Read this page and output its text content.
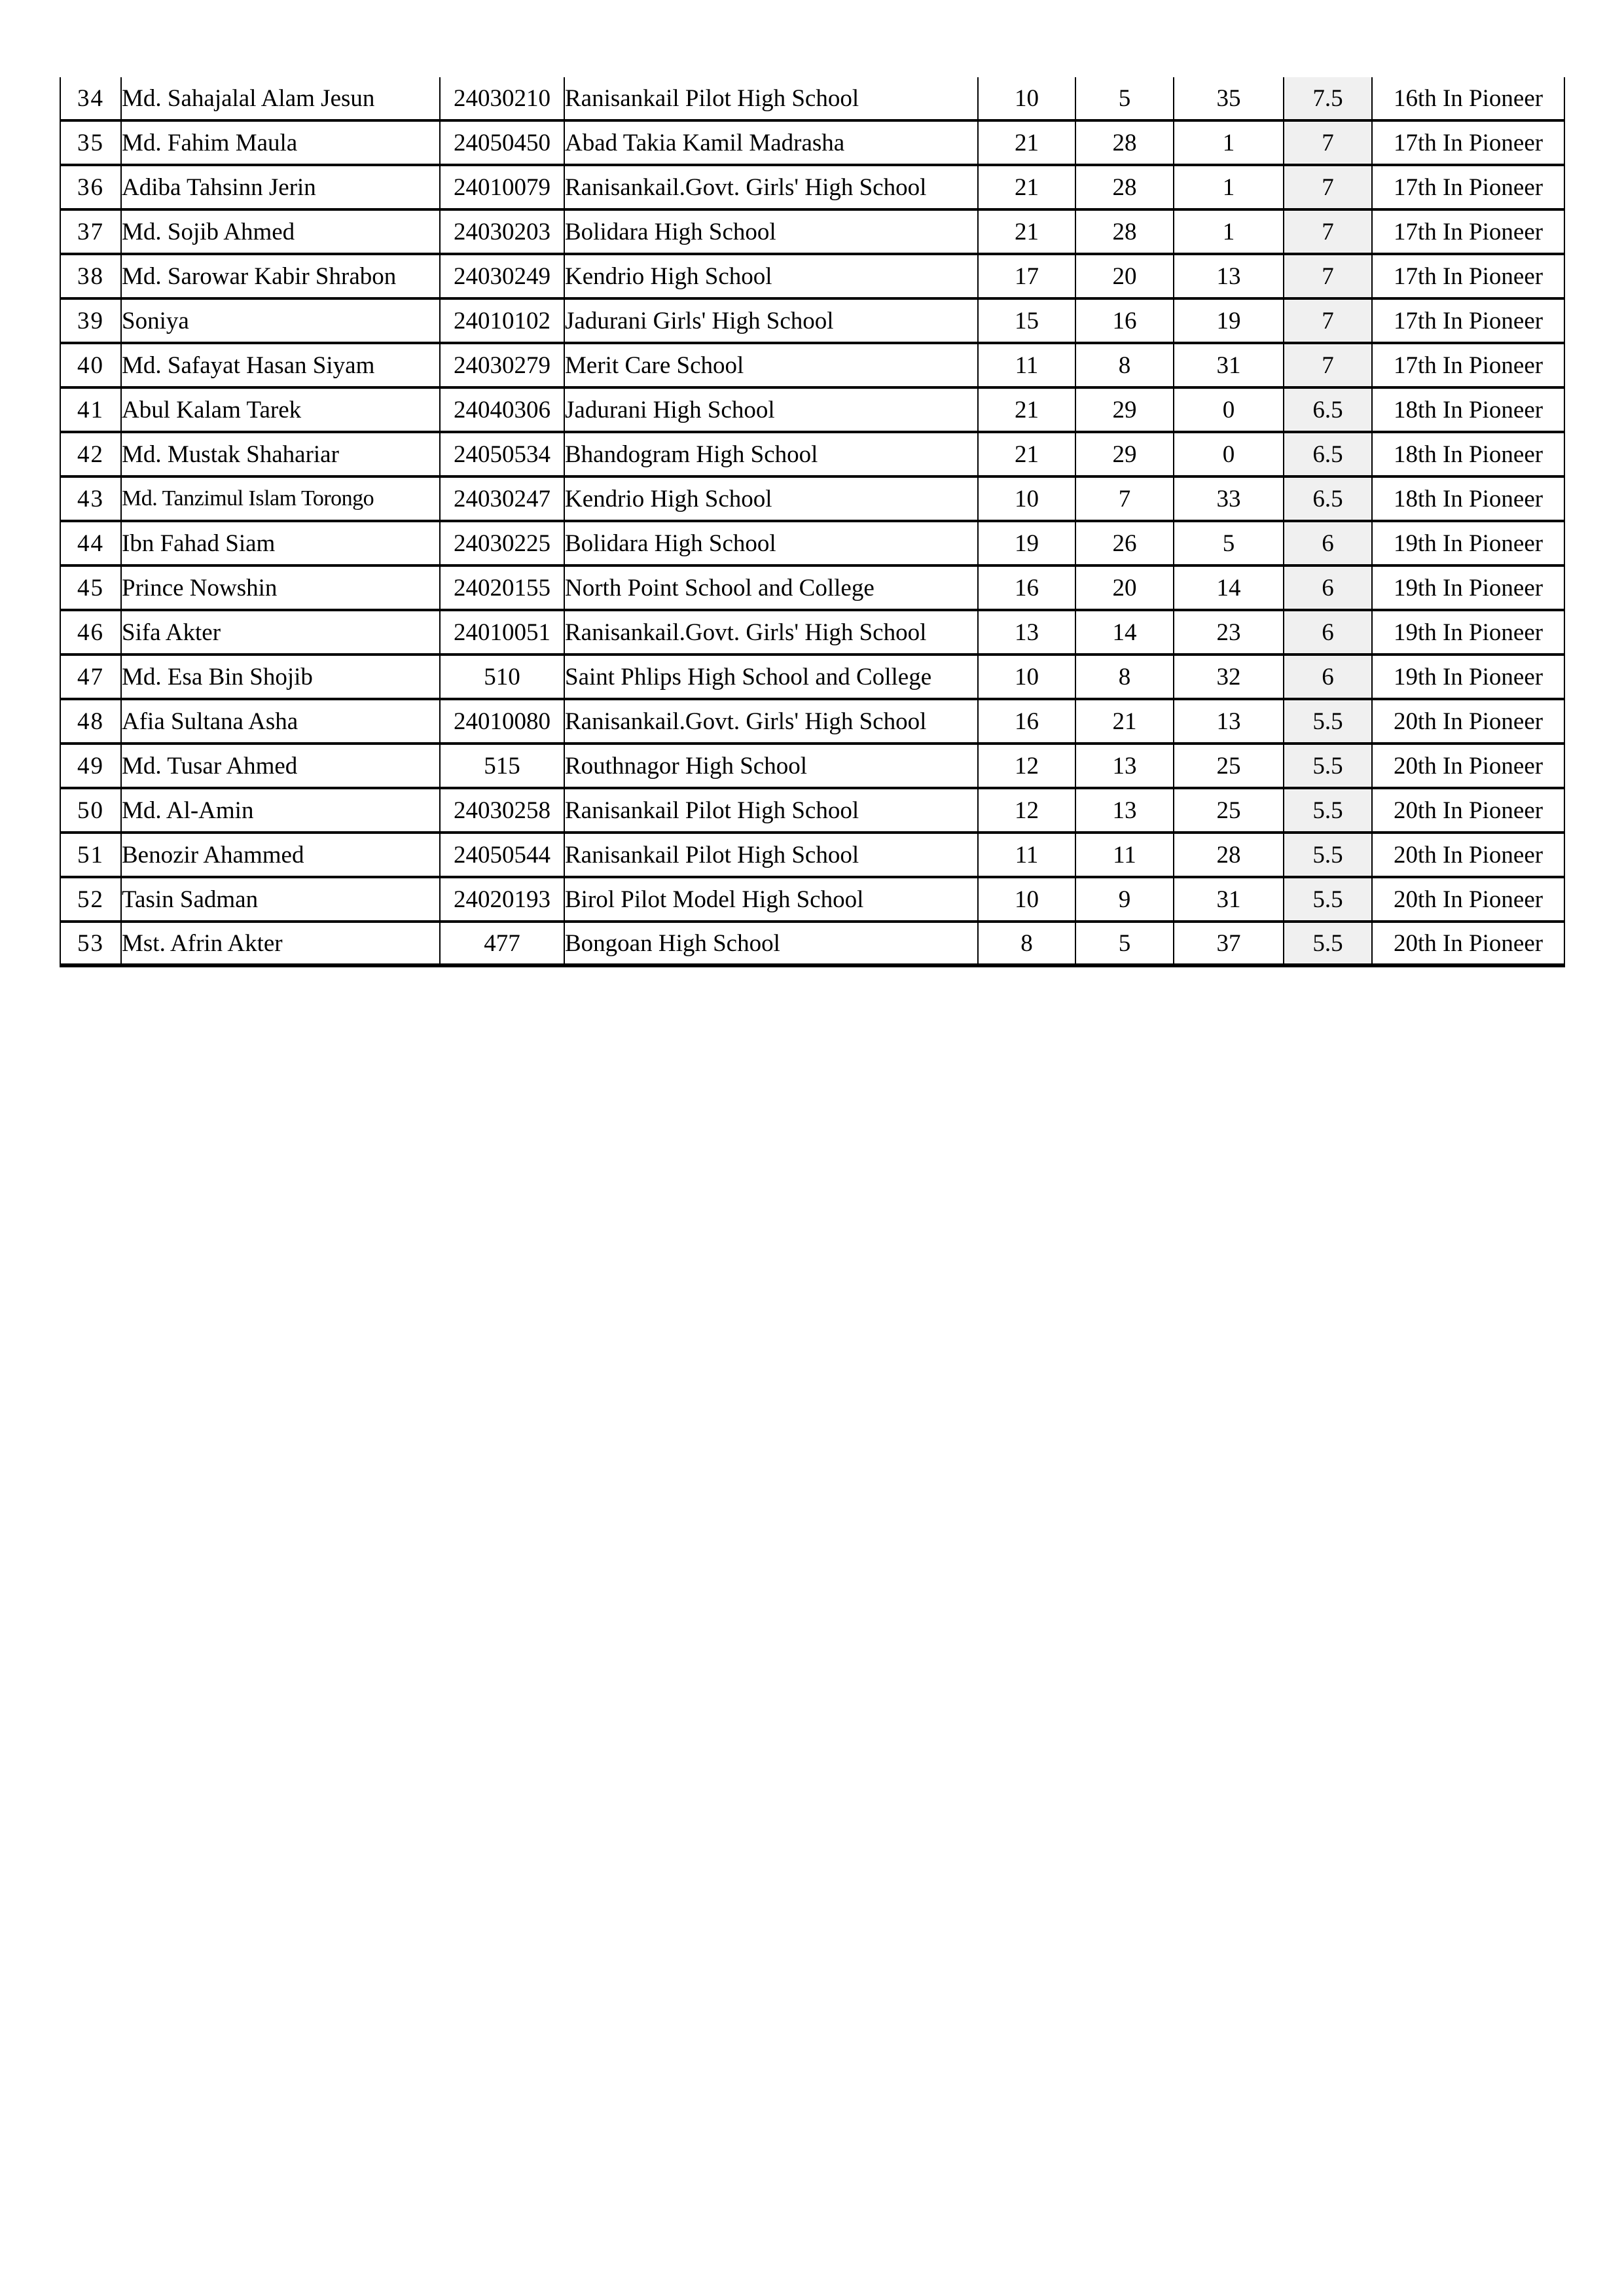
34	Md. Sahajalal Alam Jesun	24030210	Ranisankail Pilot High School	10	5	35	7.5	16th In Pioneer
35	Md. Fahim Maula	24050450	Abad Takia Kamil Madrasha	21	28	1	7	17th In Pioneer
36	Adiba Tahsinn Jerin	24010079	Ranisankail.Govt. Girls' High School	21	28	1	7	17th In Pioneer
37	Md. Sojib Ahmed	24030203	Bolidara High School	21	28	1	7	17th In Pioneer
38	Md. Sarowar Kabir Shrabon	24030249	Kendrio High School	17	20	13	7	17th In Pioneer
39	Soniya	24010102	Jadurani Girls' High School	15	16	19	7	17th In Pioneer
40	Md. Safayat Hasan Siyam	24030279	Merit Care School	11	8	31	7	17th In Pioneer
41	Abul Kalam Tarek	24040306	Jadurani High School	21	29	0	6.5	18th In Pioneer
42	Md. Mustak Shahariar	24050534	Bhandogram High School	21	29	0	6.5	18th In Pioneer
43	Md. Tanzimul Islam Torongo	24030247	Kendrio High School	10	7	33	6.5	18th In Pioneer
44	Ibn Fahad Siam	24030225	Bolidara High School	19	26	5	6	19th In Pioneer
45	Prince Nowshin	24020155	North Point School and College	16	20	14	6	19th In Pioneer
46	Sifa Akter	24010051	Ranisankail.Govt. Girls' High School	13	14	23	6	19th In Pioneer
47	Md. Esa Bin Shojib	510	Saint Phlips High School and College	10	8	32	6	19th In Pioneer
48	Afia Sultana Asha	24010080	Ranisankail.Govt. Girls' High School	16	21	13	5.5	20th In Pioneer
49	Md. Tusar Ahmed	515	Routhnagor High School	12	13	25	5.5	20th In Pioneer
50	Md. Al-Amin	24030258	Ranisankail Pilot High School	12	13	25	5.5	20th In Pioneer
51	Benozir Ahammed	24050544	Ranisankail Pilot High School	11	11	28	5.5	20th In Pioneer
52	Tasin Sadman	24020193	Birol Pilot Model High School	10	9	31	5.5	20th In Pioneer
53	Mst. Afrin Akter	477	Bongoan High School	8	5	37	5.5	20th In Pioneer
